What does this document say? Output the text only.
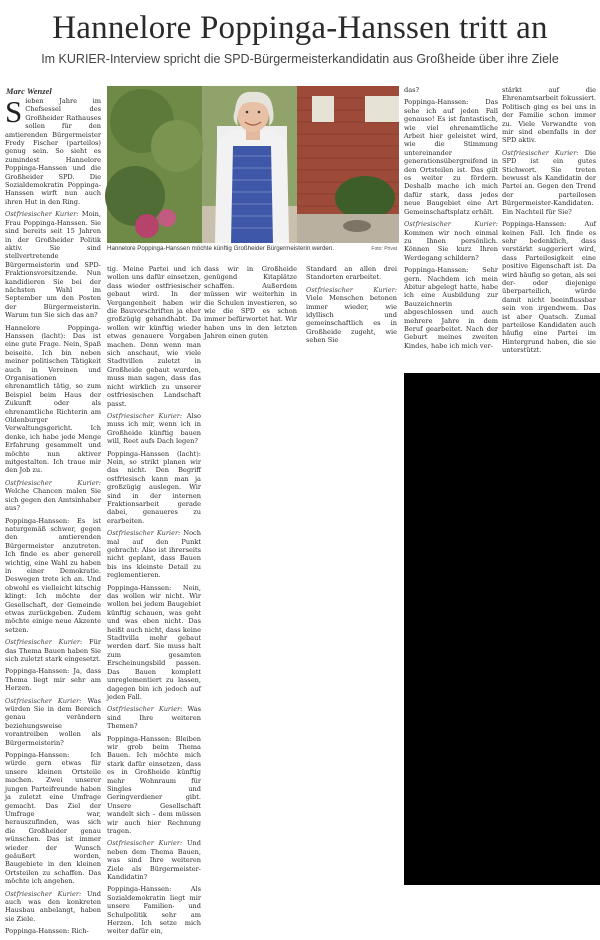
Hannelore Poppinga-Hanssen tritt an
Im KURIER-Interview spricht die SPD-Bürgermeisterkandidatin aus Großheide über ihre Ziele
Marc Wenzel

Sieben Jahre im Chefsessel des Großheider Rathauses sollen für den amtierenden Bürgermeister Fredy Fischer (parteilos) genug sein. So sieht es zumindest Hannelore Poppinga-Hanssen und die Großheider SPD. Die Sozialdemokratin Poppinga-Hanssen wirft nun auch ihren Hut in den Ring.

Ostfriesischer Kurier: Moin, Frau Poppinga-Hanssen. Sie sind bereits seit 15 Jahren in der Großheider Politik aktiv. Sie sind stellvertretende Bürgermeisterin und SPD-Fraktionsvorsitzende. Nun kandidieren Sie bei der nächsten Wahl im September um den Posten der Bürgermeisterin. Warum tun Sie sich das an?

Hannelore Poppinga-Hanssen (lacht): Das ist eine gute Frage. Nein, Spaß beiseite. Ich bin neben meiner politischen Tätigkeit auch in Vereinen und Organisationen ehrenamtlich tätig, so zum Beispiel beim Haus der Zukunft oder als ehrenamtliche Richterin am Oldenburger Verwaltungsgericht. Ich denke, ich habe jede Menge Erfahrung gesammelt und möchte nun aktiver mitgestalten. Ich traue mir den Job zu.

Ostfriesischer Kurier: Welche Chancen malen Sie sich gegen den Amtsinhaber aus?

Poppinga-Hanssen: Es ist naturgemäß schwer, gegen den amtierenden Bürgermeister anzutreten. Ich finde es aber generell wichtig, eine Wahl zu haben in einer Demokratie. Deswegen trete ich an. Und obwohl es vielleicht kitschig klingt: Ich möchte der Gesellschaft, der Gemeinde etwas zurückgeben. Zudem möchte einige neue Akzente setzen.

Ostfriesischer Kurier: Für das Thema Bauen haben Sie sich zuletzt stark eingesetzt.

Poppinga-Hanssen: Ja, dass Thema liegt mir sehr am Herzen.

Ostfriesischer Kurier: Was würden Sie in dem Bereich genau verändern beziehungsweise vorantreiben wollen als Bürgermeisterin?

Poppinga-Hanssen: Ich würde gern etwas für unsere kleinen Ortsteile machen. Zwei unserer jungen Parteifreunde haben ja zuletzt eine Umfrage gemacht. Das Ziel der Umfrage war, herauszufinden, was sich die Großheider genau wünschen. Das ist immer wieder der Wunsch geäußert worden, Baugebiete in den kleinen Ortsteilen zu schaffen. Das möchte ich angehen.

Ostfriesischer Kurier: Und auch was den konkreten Hausbau anbelangt, haben sie Ziele.

Poppinga-Hanssen: Rich-

Hannelore Poppinga-Hanssen möchte künftig Großheider Bürgermeisterin werden.	Foto: Privat

tig. Meine Partei und ich wollen uns dafür einsetzen, dass wieder ostfriesischer gebaut wird. In der Vergangenheit haben wir die Bauvorschriften ja eher großzügig gehandhabt. Da wollen wir künftig wieder etwas genauere Vorgaben machen. Denn wenn man sich anschaut, wie viele Stadtvillen zuletzt in Großheide gebaut wurden, muss man sagen, dass das nicht wirklich zu unserer ostfriesischen Landschaft passt.

Ostfriesischer Kurier: Also muss ich mir, wenn ich in Großheide künftig bauen will, Reet aufs Dach legen?

Poppinga-Hanssen (lacht): Nein, so strikt planen wir das nicht. Den Begriff ostfriesisch kann man ja großzügig auslegen. Wir sind in der internen Fraktionsarbeit gerade dabei, genaueres zu erarbeiten.

Ostfriesischer Kurier: Noch mal auf den Punkt gebracht: Also ist ihrerseits nicht geplant, dass Bauen bis ins kleinste Detail zu reglementieren.

Poppinga-Hanssen: Nein, das wollen wir nicht. Wir wollen bei jedem Baugebiet künftig schauen, was geht und was eben nicht. Das heißt auch nicht, dass keine Stadtvilla mehr gebaut werden darf. Sie muss halt zum gesamten Erscheinungsbild passen. Das Bauen komplett unreglementiert zu lassen, dagegen bin ich jedoch auf jeden Fall.

Ostfriesischer Kurier: Was sind Ihre weiteren Themen?

Poppinga-Hanssen: Bleiben wir grob beim Thema Bauen. Ich möchte mich stark dafür einsetzen, dass es in Großheide künftig mehr Wohnraum für Singles und Geringverdiener gibt. Unsere Gesellschaft wandelt sich – dem müssen wir auch hier Rechnung tragen.

Ostfriesischer Kurier: Und neben dem Thema Bauen, was sind Ihre weiteren Ziele als Bürgermeister-Kandidatin?

Poppinga-Hanssen: Als Sozialdemokratin liegt mir unsere Familien- und Schulpolitik sehr am Herzen. Ich setze mich weiter dafür ein,

dass wir in Großheide genügend Kitaplätze schaffen. Außerdem müssen wir weiterhin in die Schulen investieren, so wie die SPD es schon immer befürwortet hat. Wir haben uns in den letzten Jahren einen guten

Standard an allen drei Standorten erarbeitet.

Ostfriesischer Kurier: Viele Menschen betonen immer wieder, wie idyllisch und gemeinschaftlich es in Großheide zugeht, wie sehen Sie

das?

Poppinga-Hanssen: Das sehe ich auf jeden Fall genauso! Es ist fantastisch, wie viel ehrenamtliche Arbeit hier geleistet wird, wie die Stimmung untereinander generationsübergreifend in den Ortsteilen ist. Das gilt es weiter zu fördern. Deshalb mache ich mich dafür stark, dass jedes neue Baugebiet eine Art Gemeinschaftsplatz erhält.

Ostfriesischer Kurier: Kommen wir noch einmal zu Ihnen persönlich. Können Sie kurz Ihren Werdegang schildern?

Poppinga-Hanssen: Sehr gern. Nachdem ich mein Abitur abgelegt hatte, habe ich eine Ausbildung zur Bauzeichnerin abgeschlossen und auch mehrere Jahre in dem Beruf gearbeitet. Nach der Geburt meines zweiten Kindes, habe ich mich ver-

stärkt auf die Ehrenamtsarbeit fokussiert. Politisch ging es bei uns in der Familie schon immer zu. Viele Verwandte von mir sind ebenfalls in der SPD aktiv.

Ostfriesischer Kurier: Die SPD ist ein gutes Stichwort. Sie treten bewusst als Kandidatin der Partei an. Gegen den Trend der parteilosen Bürgermeister-Kandidaten. Ein Nachteil für Sie?

Poppinga-Hanssen: Auf keinen Fall. Ich finde es sehr bedenklich, dass verstärkt suggeriert wird, dass Parteilosigkeit eine positive Eigenschaft ist. Da wird häufig so getan, als sei der- oder diejenige überparteilich, würde damit nicht beeinflussbar sein von irgendwem. Das ist aber Quatsch. Zumal parteilose Kandidaten auch häufig eine Partei im Hintergrund haben, die sie unterstützt.
